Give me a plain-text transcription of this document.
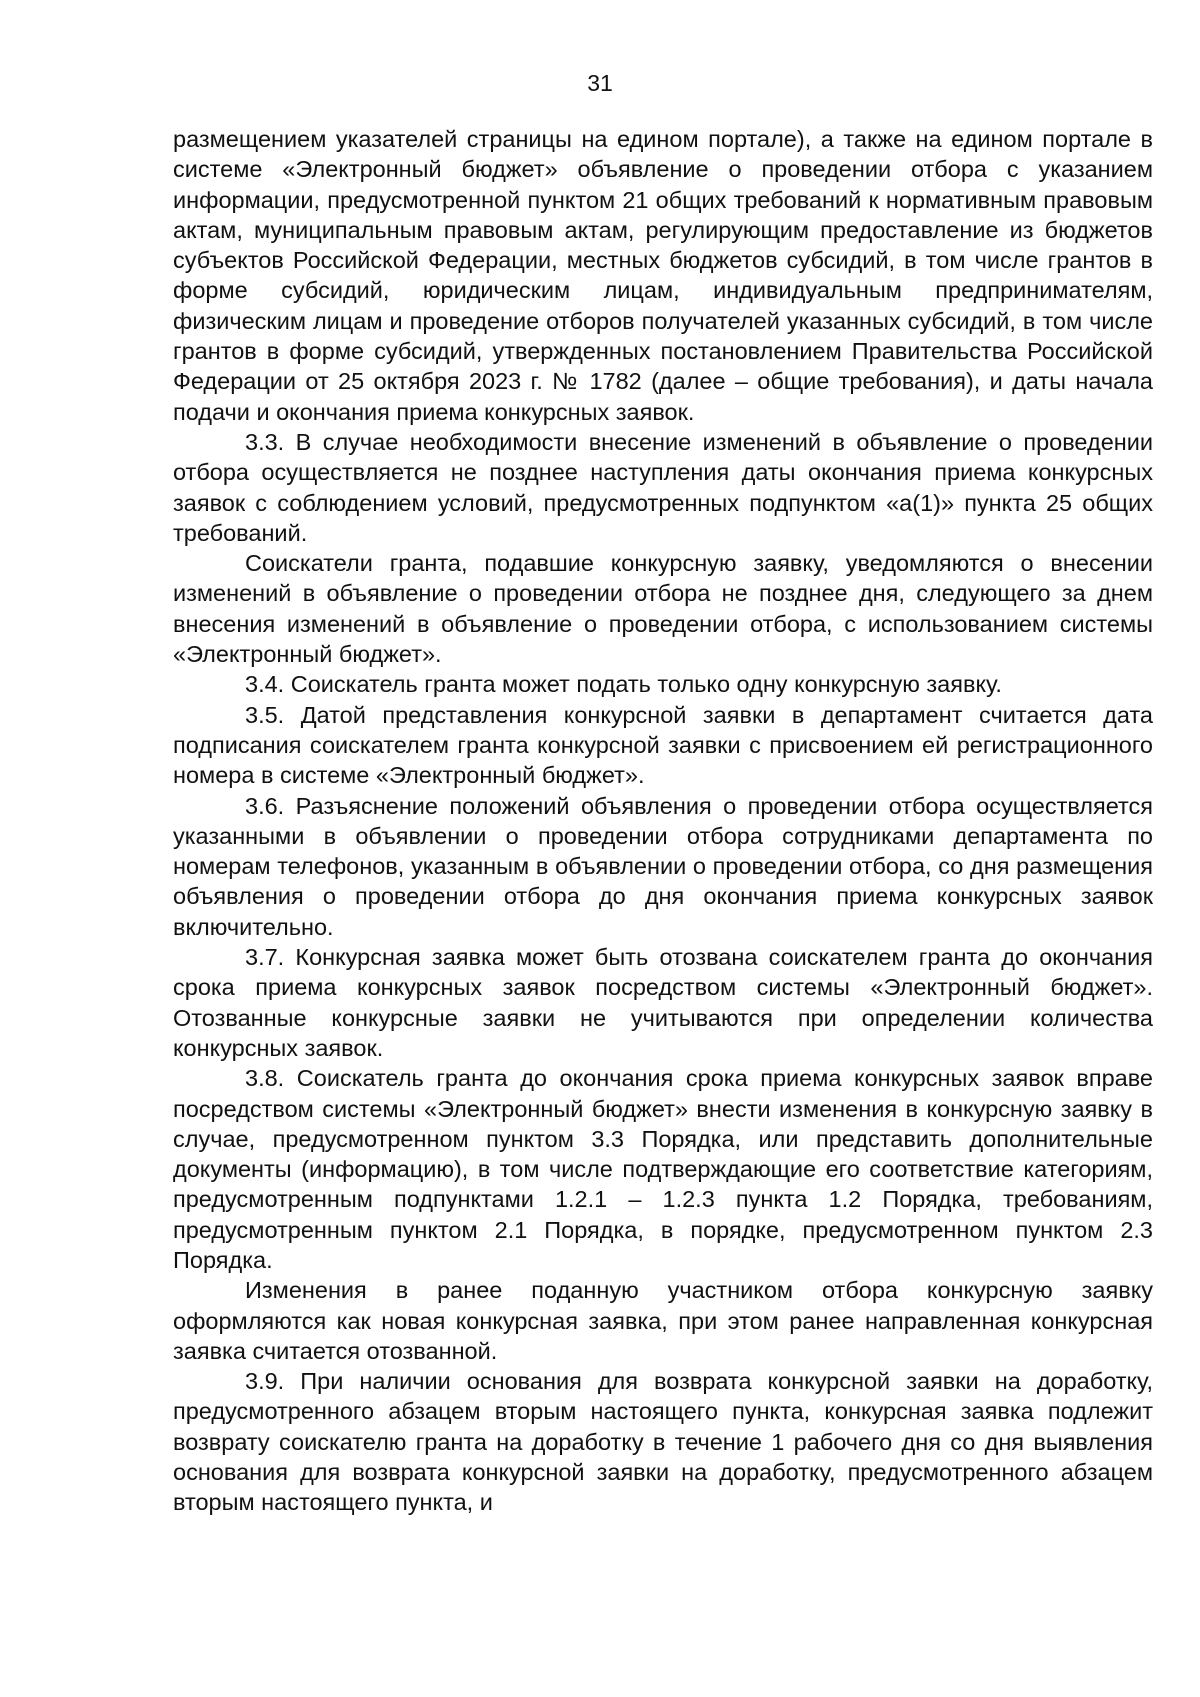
31

размещением указателей страницы на едином портале), а также на едином портале в системе «Электронный бюджет» объявление о проведении отбора с указанием информации, предусмотренной пунктом 21 общих требований к нормативным правовым актам, муниципальным правовым актам, регулирующим предоставление из бюджетов субъектов Российской Федерации, местных бюджетов субсидий, в том числе грантов в форме субсидий, юридическим лицам, индивидуальным предпринимателям, физическим лицам и проведение отборов получателей указанных субсидий, в том числе грантов в форме субсидий, утвержденных постановлением Правительства Российской Федерации от 25 октября 2023 г. № 1782 (далее – общие требования), и даты начала подачи и окончания приема конкурсных заявок.

3.3. В случае необходимости внесение изменений в объявление о проведении отбора осуществляется не позднее наступления даты окончания приема конкурсных заявок с соблюдением условий, предусмотренных подпунктом «а(1)» пункта 25 общих требований.

Соискатели гранта, подавшие конкурсную заявку, уведомляются о внесении изменений в объявление о проведении отбора не позднее дня, следующего за днем внесения изменений в объявление о проведении отбора, с использованием системы «Электронный бюджет».

3.4. Соискатель гранта может подать только одну конкурсную заявку.

3.5. Датой представления конкурсной заявки в департамент считается дата подписания соискателем гранта конкурсной заявки с присвоением ей регистрационного номера в системе «Электронный бюджет».

3.6. Разъяснение положений объявления о проведении отбора осуществляется указанными в объявлении о проведении отбора сотрудниками департамента по номерам телефонов, указанным в объявлении о проведении отбора, со дня размещения объявления о проведении отбора до дня окончания приема конкурсных заявок включительно.

3.7. Конкурсная заявка может быть отозвана соискателем гранта до окончания срока приема конкурсных заявок посредством системы «Электронный бюджет». Отозванные конкурсные заявки не учитываются при определении количества конкурсных заявок.

3.8. Соискатель гранта до окончания срока приема конкурсных заявок вправе посредством системы «Электронный бюджет» внести изменения в конкурсную заявку в случае, предусмотренном пунктом 3.3 Порядка, или представить дополнительные документы (информацию), в том числе подтверждающие его соответствие категориям, предусмотренным подпунктами 1.2.1 – 1.2.3 пункта 1.2 Порядка, требованиям, предусмотренным пунктом 2.1 Порядка, в порядке, предусмотренном пунктом 2.3 Порядка.

Изменения в ранее поданную участником отбора конкурсную заявку оформляются как новая конкурсная заявка, при этом ранее направленная конкурсная заявка считается отозванной.

3.9. При наличии основания для возврата конкурсной заявки на доработку, предусмотренного абзацем вторым настоящего пункта, конкурсная заявка подлежит возврату соискателю гранта на доработку в течение 1 рабочего дня со дня выявления основания для возврата конкурсной заявки на доработку, предусмотренного абзацем вторым настоящего пункта, и
